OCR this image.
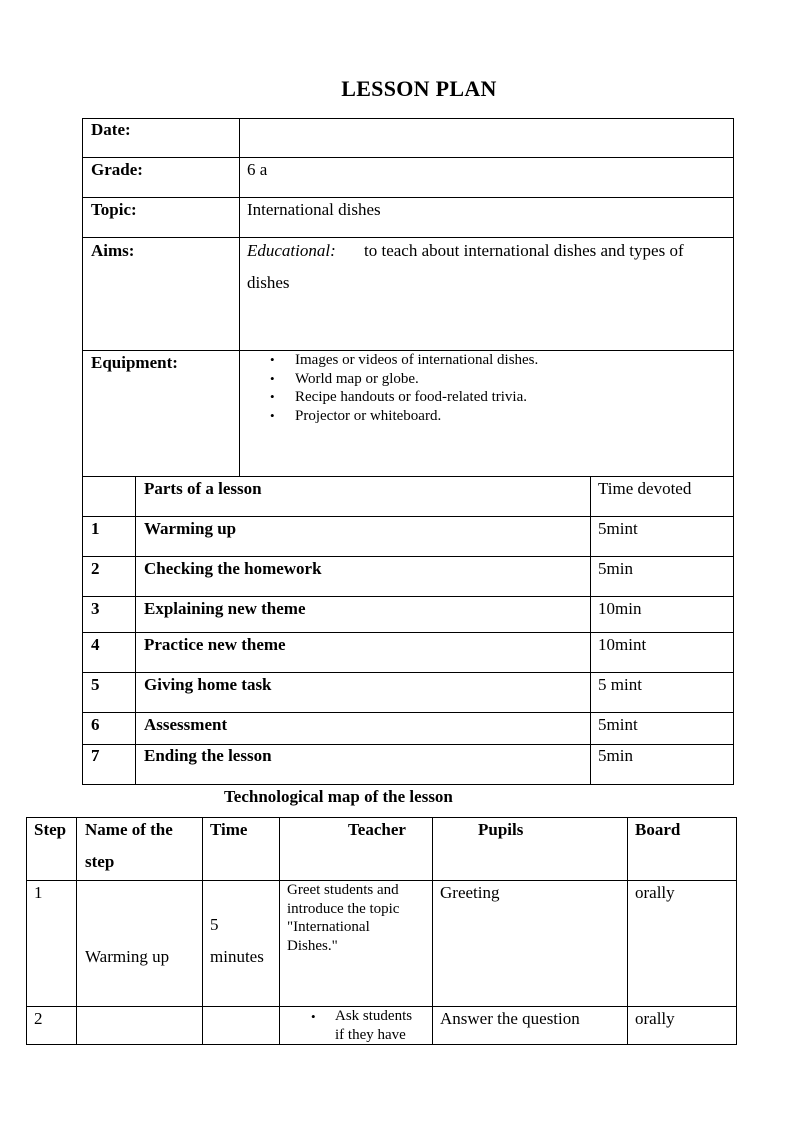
LESSON PLAN
Date:
Grade:	6 a
Topic:	International dishes
Aims:	Educational: to teach about international dishes and types of
dishes
Equipment:
•	Images or videos of international dishes.
• World map or globe.
• Recipe handouts or food-related trivia.
• Projector or whiteboard.
Parts of a lesson	Time devoted
1	Warming up	5mint
2	Checking the homework	5min
3	Explaining new theme	10min
4	Practice new theme	10mint
5	Giving home task	5 mint
6	Assessment	5mint
7	Ending the lesson	5min
Technological map of the lesson
Step Name of the
step
Time	Teacher	Pupils	Board
1
Warming up
5
minutes
Greet students and
introduce the topic
"International
Dishes."
Greeting	orally
2	• Ask students
if they have
Answer the question	orally
